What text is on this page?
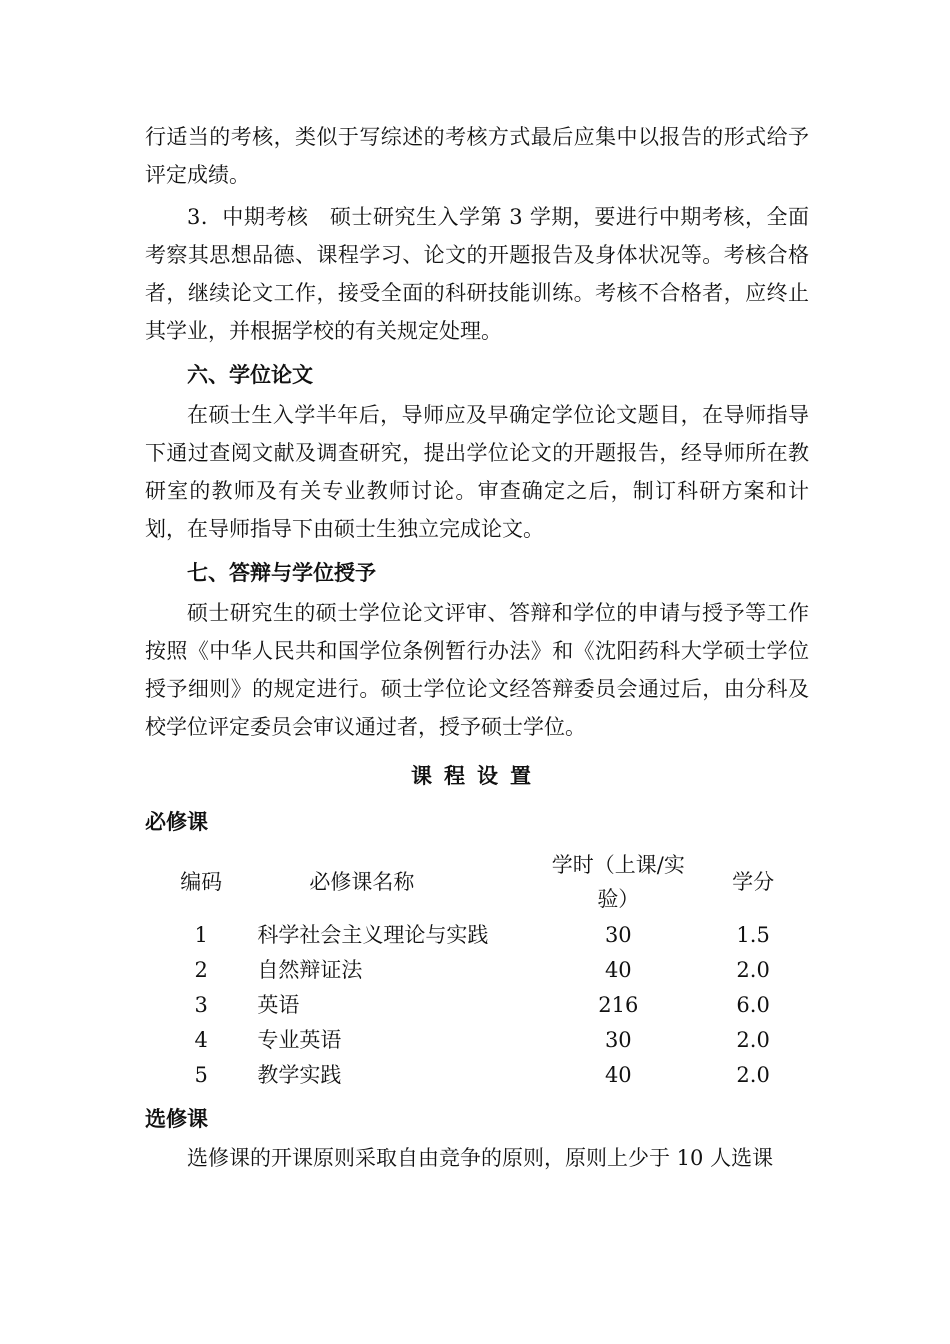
行适当的考核，类似于写综述的考核方式最后应集中以报告的形式给予评定成绩。

3．中期考核　硕士研究生入学第 3 学期，要进行中期考核，全面考察其思想品德、课程学习、论文的开题报告及身体状况等。考核合格者，继续论文工作，接受全面的科研技能训练。考核不合格者，应终止其学业，并根据学校的有关规定处理。

六、学位论文

在硕士生入学半年后，导师应及早确定学位论文题目，在导师指导下通过查阅文献及调查研究，提出学位论文的开题报告，经导师所在教研室的教师及有关专业教师讨论。审查确定之后，制订科研方案和计划，在导师指导下由硕士生独立完成论文。

七、答辩与学位授予

硕士研究生的硕士学位论文评审、答辩和学位的申请与授予等工作按照《中华人民共和国学位条例暂行办法》和《沈阳药科大学硕士学位授予细则》的规定进行。硕士学位论文经答辩委员会通过后，由分科及校学位评定委员会审议通过者，授予硕士学位。

课程设置
必修课
编码	必修课名称	学时（上课/实验）	学分
1	科学社会主义理论与实践	30	1.5
2	自然辩证法	40	2.0
3	英语	216	6.0
4	专业英语	30	2.0
5	教学实践	40	2.0
选修课

选修课的开课原则采取自由竞争的原则，原则上少于 10 人选课
